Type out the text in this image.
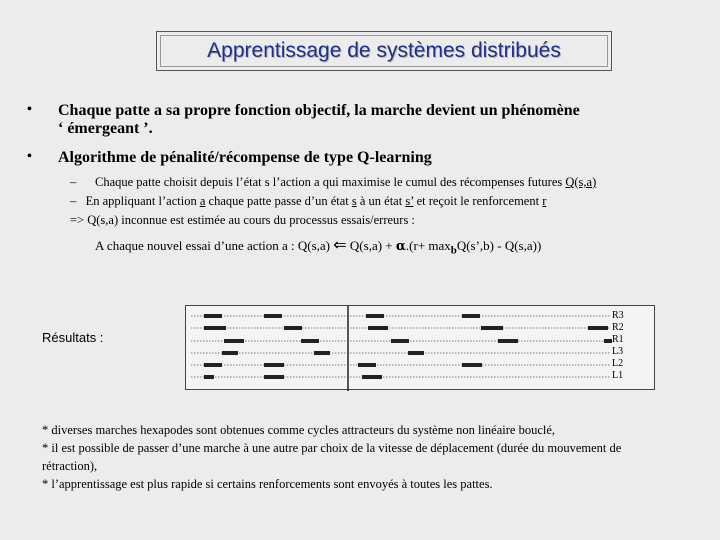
Apprentissage de systèmes distribués
• Chaque patte a sa propre fonction objectif, la marche devient un phénomène
‘ émergeant ’.
• Algorithme de pénalité/récompense de type Q-learning
– Chaque patte choisit depuis l’état s l’action a qui maximise le cumul des récompenses futures Q(s,a)
– En appliquant l’action a chaque patte passe d’un état s à un état s’ et reçoit le renforcement r
=> Q(s,a) inconnue est estimée au cours du processus essais/erreurs :
A chaque nouvel essai d’une action a : Q(s,a) ⇐ $Q(s,a) + \alpha.(r+ \max_bQ(s’,b) - Q(s,a))$
Résultats :
R3
R2
R1
L3
L2
L1
* diverses marches hexapodes sont obtenues comme cycles attracteurs du système non linéaire bouclé,
* il est possible de passer d’une marche à une autre par choix de la vitesse de déplacement (durée du mouvement de rétraction),
* l’apprentissage est plus rapide si certains renforcements sont envoyés à toutes les pattes.
